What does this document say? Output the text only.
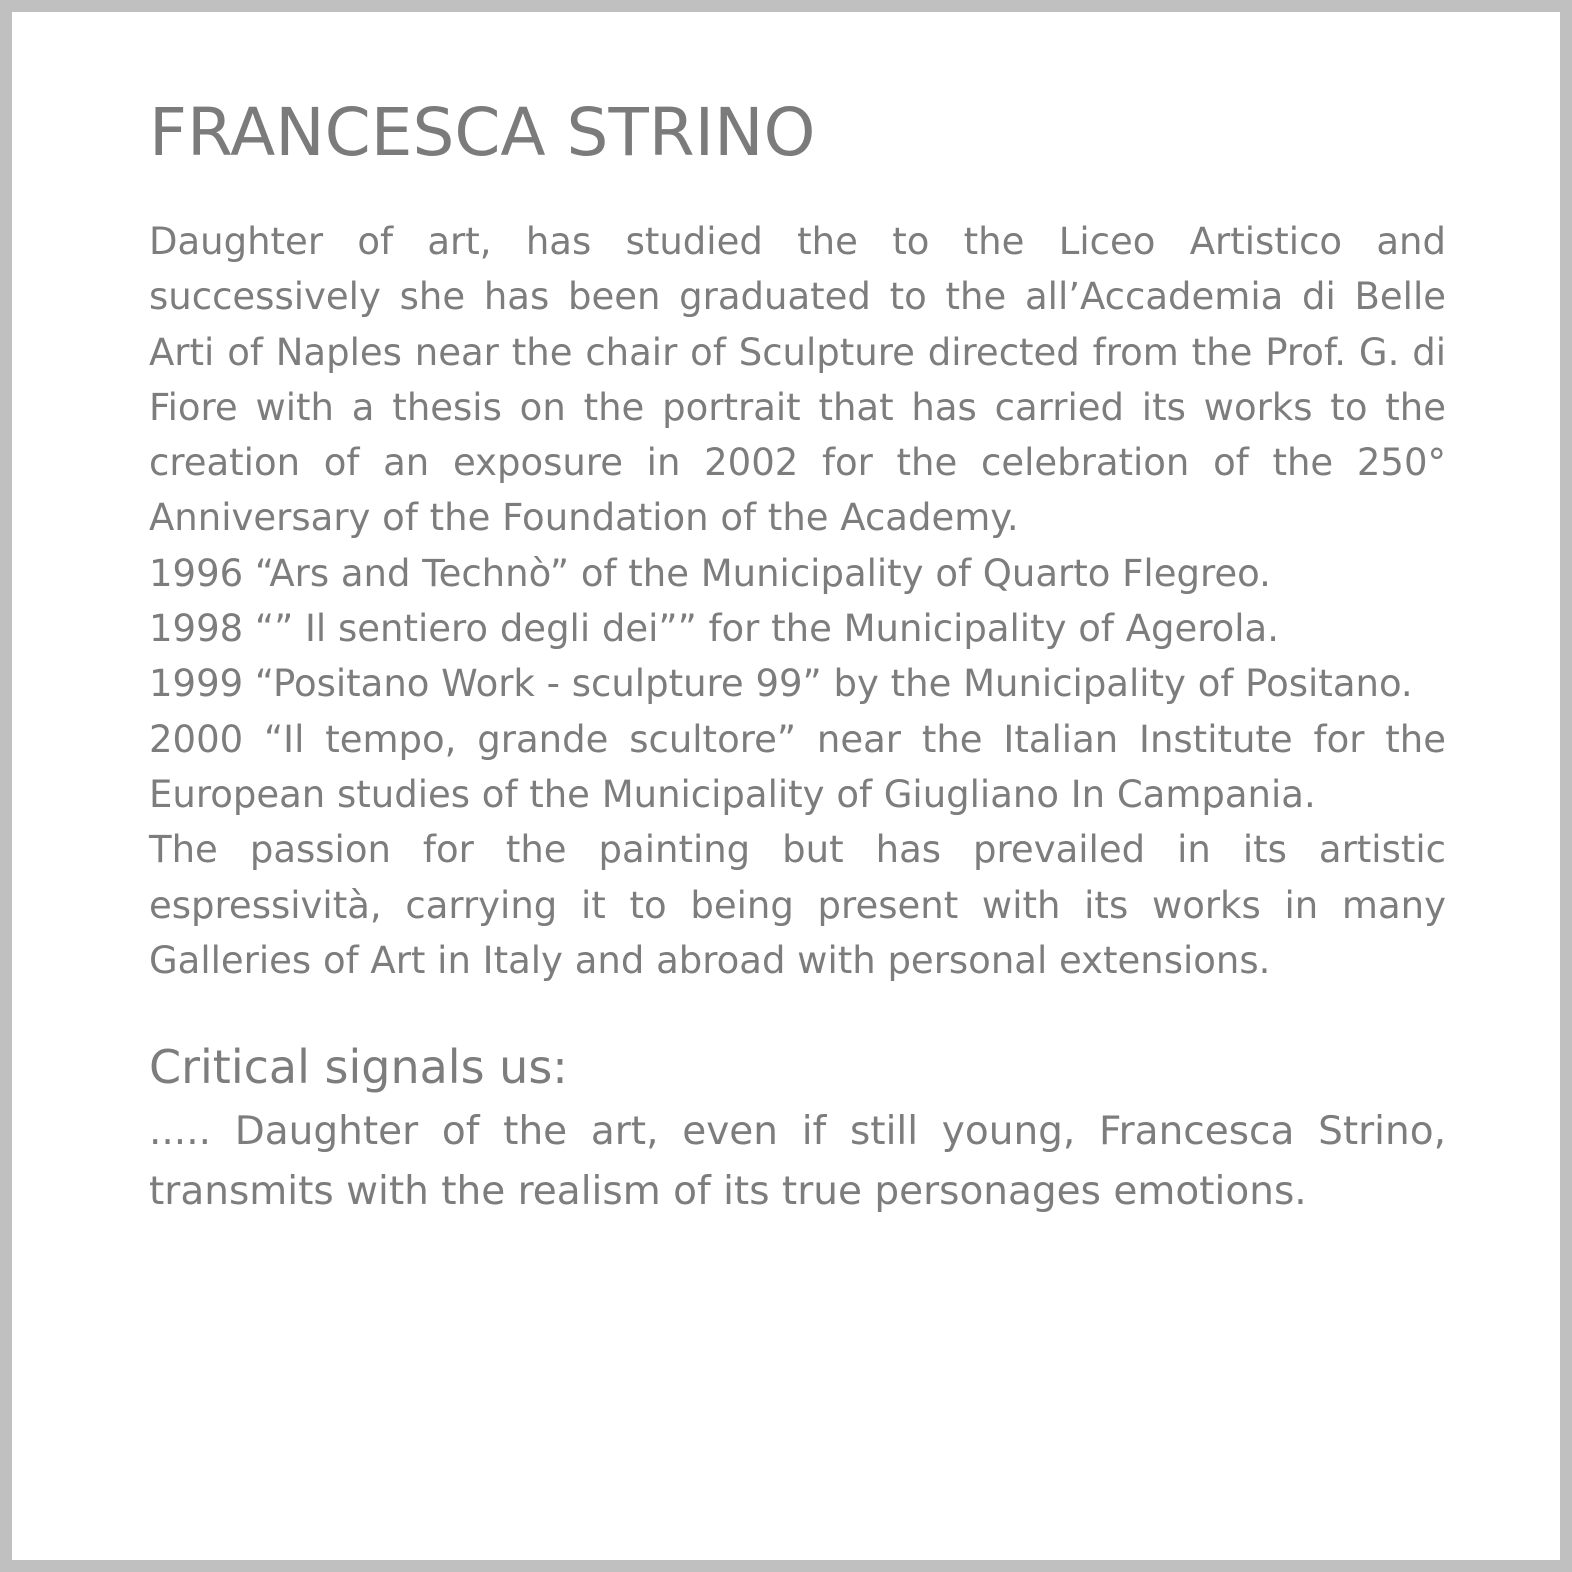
FRANCESCA STRINO

Daughter of art, has studied the to the Liceo Artistico and successively she has been graduated to the all’Accademia di Belle Arti of Naples near the chair of Sculpture directed from the Prof. G. di Fiore with a thesis on the portrait that has carried its works to the creation of an exposure in 2002 for the celebration of the 250° Anniversary of the Foundation of the Academy.

1996 “Ars and Technò” of the Municipality of Quarto Flegreo.

1998 “” Il sentiero degli dei”” for the Municipality of Agerola.

1999 “Positano Work - sculpture 99” by the Municipality of Positano.

2000 “Il tempo, grande scultore” near the Italian Institute for the European studies of the Municipality of Giugliano In Campania.

The passion for the painting but has prevailed in its artistic espressività, carrying it to being present with its works in many Galleries of Art in Italy and abroad with personal extensions.

Critical signals us:

..... Daughter of the art, even if still young, Francesca Strino, transmits with the realism of its true personages emotions.
